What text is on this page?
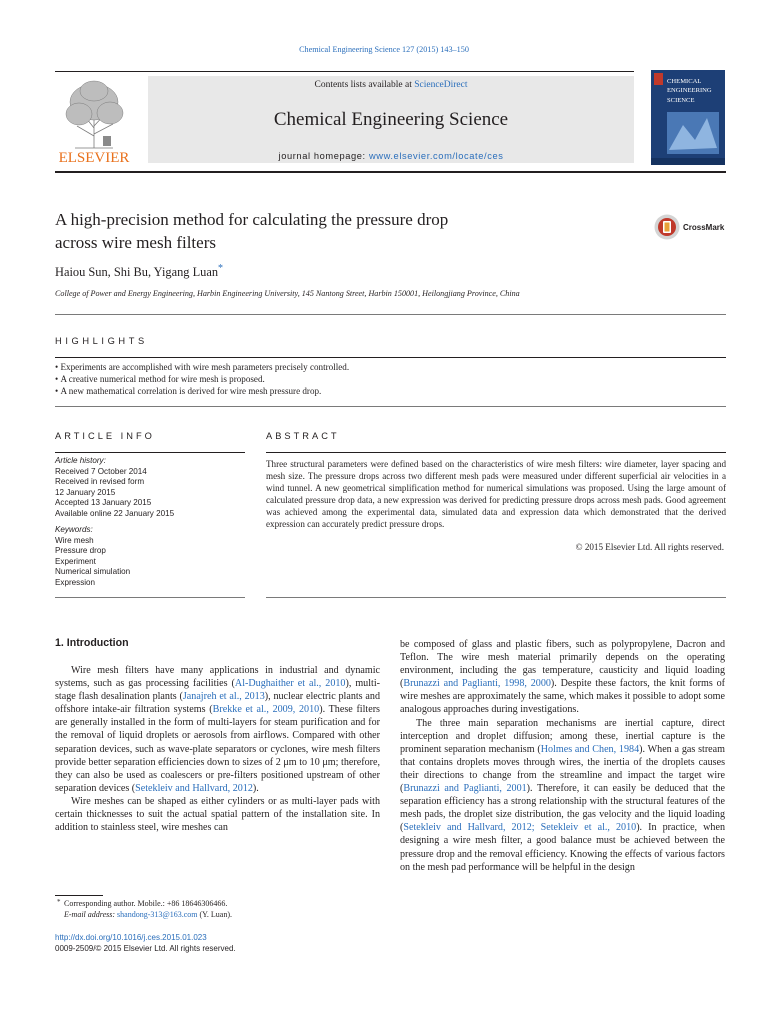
Chemical Engineering Science 127 (2015) 143–150
ELSEVIER
Contents lists available at ScienceDirect
Chemical Engineering Science
journal homepage: www.elsevier.com/locate/ces
CHEMICAL
ENGINEERING
SCIENCE
A high-precision method for calculating the pressure drop
across wire mesh filters
CrossMark
Haiou Sun, Shi Bu, Yigang Luan*
College of Power and Energy Engineering, Harbin Engineering University, 145 Nantong Street, Harbin 150001, Heilongjiang Province, China
HIGHLIGHTS
• Experiments are accomplished with wire mesh parameters precisely controlled.
• A creative numerical method for wire mesh is proposed.
• A new mathematical correlation is derived for wire mesh pressure drop.
ARTICLE INFO
Article history:
Received 7 October 2014
Received in revised form
12 January 2015
Accepted 13 January 2015
Available online 22 January 2015
Keywords:
Wire mesh
Pressure drop
Experiment
Numerical simulation
Expression
ABSTRACT
Three structural parameters were defined based on the characteristics of wire mesh filters: wire diameter, layer spacing and mesh size. The pressure drops across two different mesh pads were measured under different superficial air velocities in a wind tunnel. A new geometrical simplification method for numerical simulations was proposed. Using the large amount of calculated pressure drop data, a new expression was derived for predicting pressure drops across mesh pads. Good agreement was achieved among the experimental data, simulated data and expression data which demonstrated that the derived expression can accurately predict pressure drops.
© 2015 Elsevier Ltd. All rights reserved.
1. Introduction

Wire mesh filters have many applications in industrial and dynamic systems, such as gas processing facilities (Al-Dughaither et al., 2010), multi-stage flash desalination plants (Janajreh et al., 2013), nuclear electric plants and offshore intake-air filtration systems (Brekke et al., 2009, 2010). These filters are generally installed in the form of multi-layers for steam purification and for the removal of liquid droplets or aerosols from airflows. Compared with other separation devices, such as wave-plate separators or cyclones, wire mesh filters provide better separation efficiencies down to sizes of 2 μm to 10 μm; therefore, they can also be used as coalescers or pre-filters positioned upstream of other separation devices (Setekleiv and Hallvard, 2012).

Wire meshes can be shaped as either cylinders or as multi-layer pads with certain thicknesses to suit the actual spatial pattern of the installation site. In addition to stainless steel, wire meshes can

be composed of glass and plastic fibers, such as polypropylene, Dacron and Teflon. The wire mesh material primarily depends on the operating environment, including the gas temperature, causticity and liquid loading (Brunazzi and Paglianti, 1998, 2000). Despite these factors, the knit forms of wire meshes are approximately the same, which makes it possible to adopt some analogous approaches during investigations.

The three main separation mechanisms are inertial capture, direct interception and droplet diffusion; among these, inertial capture is the prominent separation mechanism (Holmes and Chen, 1984). When a gas stream that contains droplets moves through wires, the inertia of the droplets causes their directions to change from the streamline and impact the target wire (Brunazzi and Paglianti, 2001). Therefore, it can easily be deduced that the separation efficiency has a strong relationship with the structural features of the mesh pads, the droplet size distribution, the gas velocity and the liquid loading (Setekleiv and Hallvard, 2012; Setekleiv et al., 2010). In practice, when designing a wire mesh filter, a good balance must be achieved between the pressure drop and the removal efficiency. Knowing the effects of various factors on the mesh pad performance will be helpful in the design

* Corresponding author. Mobile.: +86 18646306466.
E-mail address: shandong-313@163.com (Y. Luan).
http://dx.doi.org/10.1016/j.ces.2015.01.023
0009-2509/© 2015 Elsevier Ltd. All rights reserved.
